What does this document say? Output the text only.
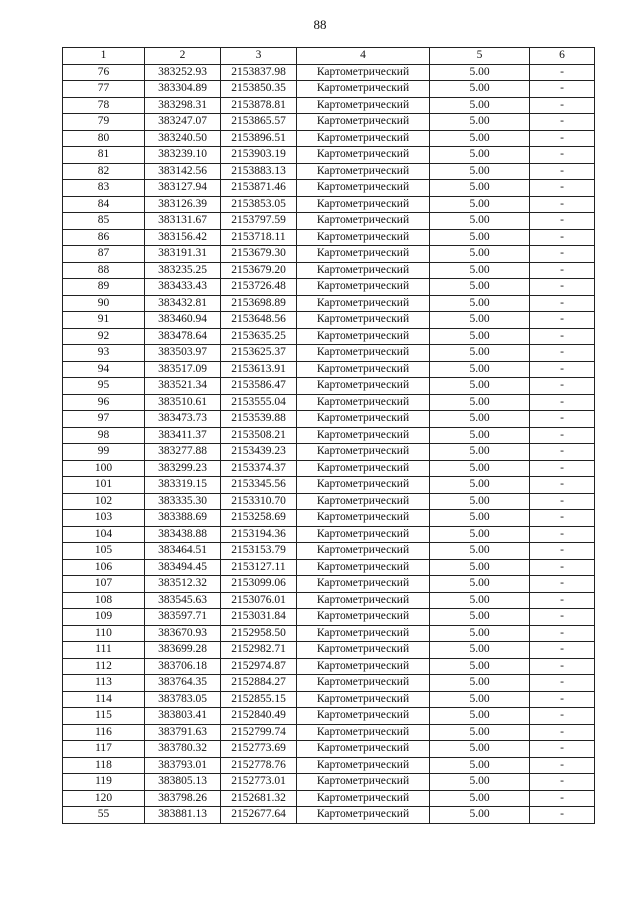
88
1	2	3	4	5	6
76	383252.93	2153837.98	Картометрический	5.00	-
77	383304.89	2153850.35	Картометрический	5.00	-
78	383298.31	2153878.81	Картометрический	5.00	-
79	383247.07	2153865.57	Картометрический	5.00	-
80	383240.50	2153896.51	Картометрический	5.00	-
81	383239.10	2153903.19	Картометрический	5.00	-
82	383142.56	2153883.13	Картометрический	5.00	-
83	383127.94	2153871.46	Картометрический	5.00	-
84	383126.39	2153853.05	Картометрический	5.00	-
85	383131.67	2153797.59	Картометрический	5.00	-
86	383156.42	2153718.11	Картометрический	5.00	-
87	383191.31	2153679.30	Картометрический	5.00	-
88	383235.25	2153679.20	Картометрический	5.00	-
89	383433.43	2153726.48	Картометрический	5.00	-
90	383432.81	2153698.89	Картометрический	5.00	-
91	383460.94	2153648.56	Картометрический	5.00	-
92	383478.64	2153635.25	Картометрический	5.00	-
93	383503.97	2153625.37	Картометрический	5.00	-
94	383517.09	2153613.91	Картометрический	5.00	-
95	383521.34	2153586.47	Картометрический	5.00	-
96	383510.61	2153555.04	Картометрический	5.00	-
97	383473.73	2153539.88	Картометрический	5.00	-
98	383411.37	2153508.21	Картометрический	5.00	-
99	383277.88	2153439.23	Картометрический	5.00	-
100	383299.23	2153374.37	Картометрический	5.00	-
101	383319.15	2153345.56	Картометрический	5.00	-
102	383335.30	2153310.70	Картометрический	5.00	-
103	383388.69	2153258.69	Картометрический	5.00	-
104	383438.88	2153194.36	Картометрический	5.00	-
105	383464.51	2153153.79	Картометрический	5.00	-
106	383494.45	2153127.11	Картометрический	5.00	-
107	383512.32	2153099.06	Картометрический	5.00	-
108	383545.63	2153076.01	Картометрический	5.00	-
109	383597.71	2153031.84	Картометрический	5.00	-
110	383670.93	2152958.50	Картометрический	5.00	-
111	383699.28	2152982.71	Картометрический	5.00	-
112	383706.18	2152974.87	Картометрический	5.00	-
113	383764.35	2152884.27	Картометрический	5.00	-
114	383783.05	2152855.15	Картометрический	5.00	-
115	383803.41	2152840.49	Картометрический	5.00	-
116	383791.63	2152799.74	Картометрический	5.00	-
117	383780.32	2152773.69	Картометрический	5.00	-
118	383793.01	2152778.76	Картометрический	5.00	-
119	383805.13	2152773.01	Картометрический	5.00	-
120	383798.26	2152681.32	Картометрический	5.00	-
55	383881.13	2152677.64	Картометрический	5.00	-
